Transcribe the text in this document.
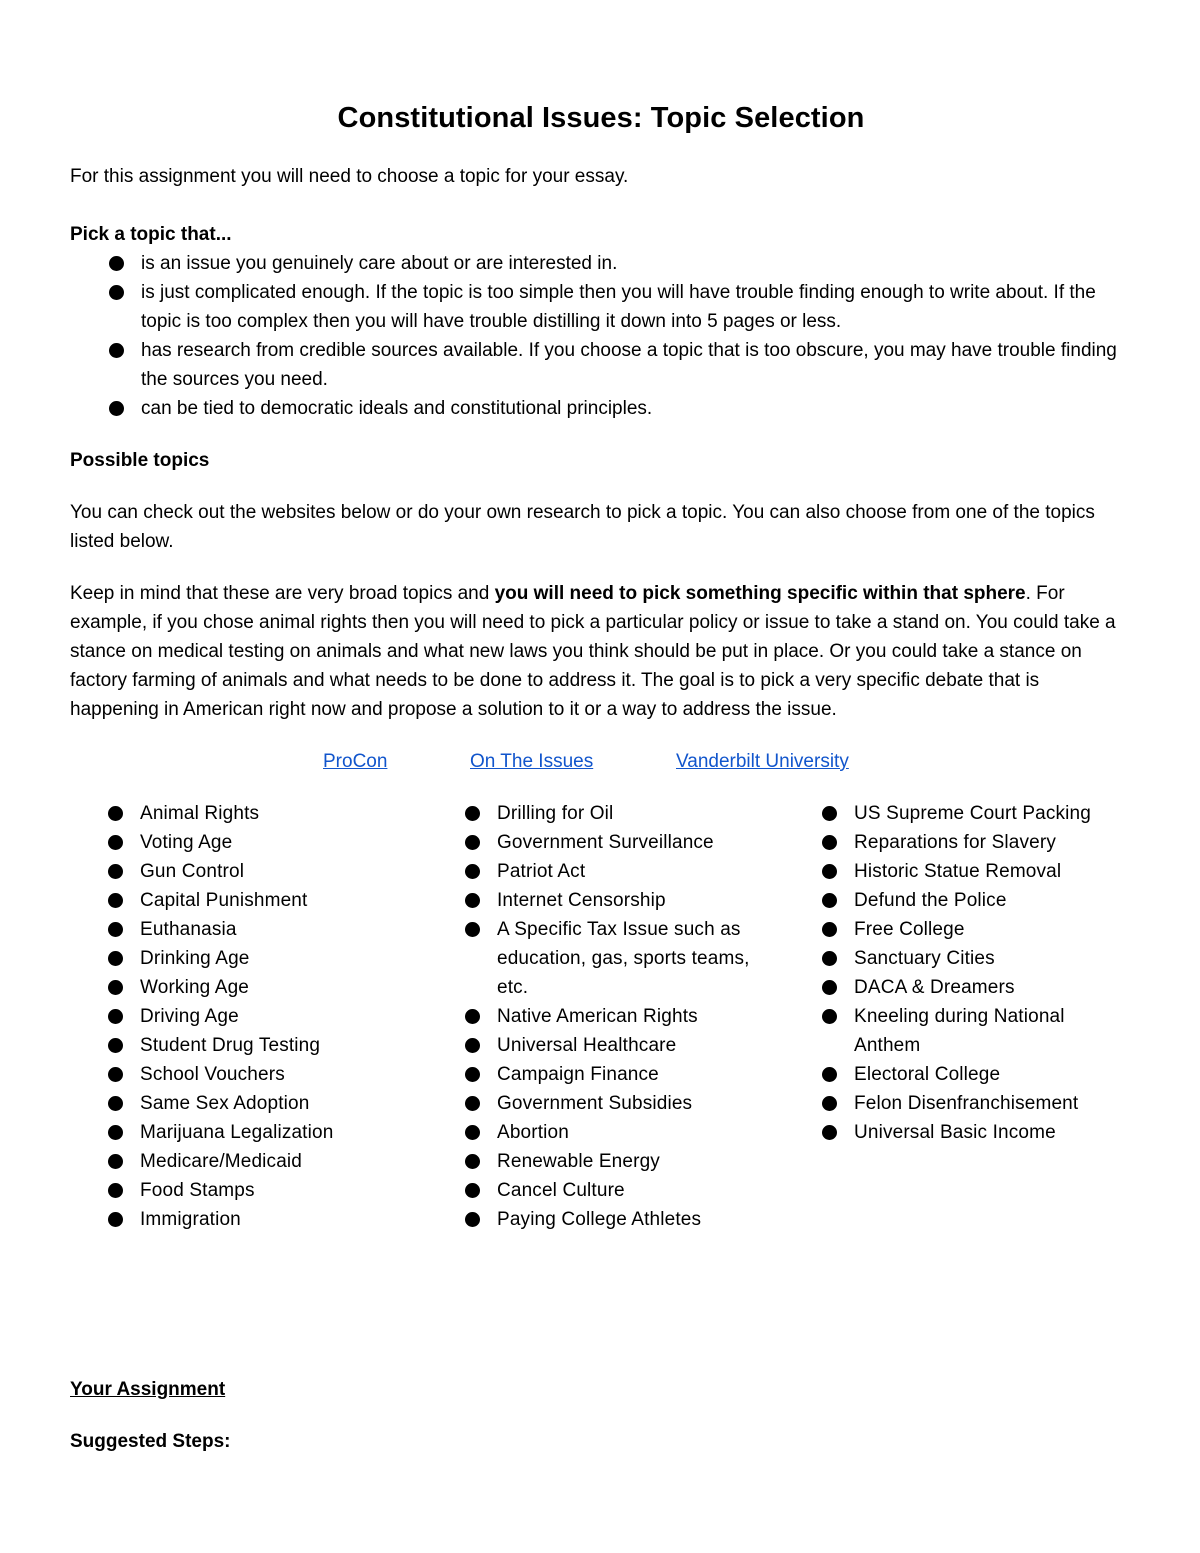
Constitutional Issues: Topic Selection

For this assignment you will need to choose a topic for your essay.

Pick a topic that...

is an issue you genuinely care about or are interested in.
is just complicated enough. If the topic is too simple then you will have trouble finding enough to write about. If the topic is too complex then you will have trouble distilling it down into 5 pages or less.
has research from credible sources available. If you choose a topic that is too obscure, you may have trouble finding the sources you need.
can be tied to democratic ideals and constitutional principles.

Possible topics

You can check out the websites below or do your own research to pick a topic. You can also choose from one of the topics listed below.

Keep in mind that these are very broad topics and you will need to pick something specific within that sphere. For example, if you chose animal rights then you will need to pick a particular policy or issue to take a stand on. You could take a stance on medical testing on animals and what new laws you think should be put in place. Or you could take a stance on factory farming of animals and what needs to be done to address it. The goal is to pick a very specific debate that is happening in American right now and propose a solution to it or a way to address the issue.

ProCon	On The Issues	Vanderbilt University
Animal Rights
Voting Age
Gun Control
Capital Punishment
Euthanasia
Drinking Age
Working Age
Driving Age
Student Drug Testing
School Vouchers
Same Sex Adoption
Marijuana Legalization
Medicare/Medicaid
Food Stamps
Immigration
Drilling for Oil
Government Surveillance
Patriot Act
Internet Censorship
A Specific Tax Issue such as education, gas, sports teams, etc.
Native American Rights
Universal Healthcare
Campaign Finance
Government Subsidies
Abortion
Renewable Energy
Cancel Culture
Paying College Athletes
US Supreme Court Packing
Reparations for Slavery
Historic Statue Removal
Defund the Police
Free College
Sanctuary Cities
DACA & Dreamers
Kneeling during National Anthem
Electoral College
Felon Disenfranchisement
Universal Basic Income

Your Assignment

Suggested Steps:
